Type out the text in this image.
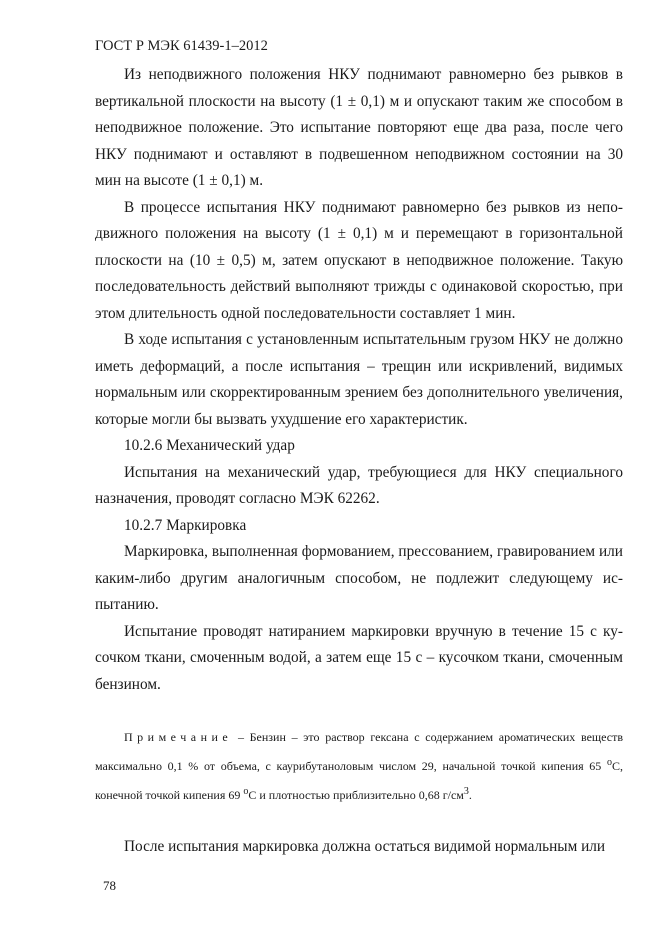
ГОСТ Р МЭК 61439-1–2012

Из неподвижного положения НКУ поднимают равномерно без рывков в вертикальной плоскости на высоту (1 ± 0,1) м и опускают таким же способом в неподвижное положение. Это испытание повторяют еще два раза, после чего НКУ поднимают и оставляют в подвешенном неподвижном состоянии на 30 мин на высоте (1 ± 0,1) м.

В процессе испытания НКУ поднимают равномерно без рывков из неподвижного положения на высоту (1 ± 0,1) м и перемещают в горизонтальной плоскости на (10 ± 0,5) м, затем опускают в неподвижное положение. Такую последовательность действий выполняют трижды с одинаковой скоростью, при этом длительность одной последовательности составляет 1 мин.

В ходе испытания с установленным испытательным грузом НКУ не должно иметь деформаций, а после испытания – трещин или искривлений, видимых нормальным или скорректированным зрением без дополнительного увеличения, которые могли бы вызвать ухудшение его характеристик.

10.2.6 Механический удар

Испытания на механический удар, требующиеся для НКУ специального назначения, проводят согласно МЭК 62262.

10.2.7 Маркировка

Маркировка, выполненная формованием, прессованием, гравированием или каким-либо другим аналогичным способом, не подлежит следующему испытанию.

Испытание проводят натиранием маркировки вручную в течение 15 с кусочком ткани, смоченным водой, а затем еще 15 с – кусочком ткани, смоченным бензином.

Примечание – Бензин – это раствор гексана с содержанием ароматических веществ максимально 0,1 % от объема, с каурибутаноловым числом 29, начальной точкой кипения 65 $^o$С, конечной точкой кипения 69 $^o$С и плотностью приблизительно 0,68 $г/см^3$.

После испытания маркировка должна остаться видимой нормальным или

78
